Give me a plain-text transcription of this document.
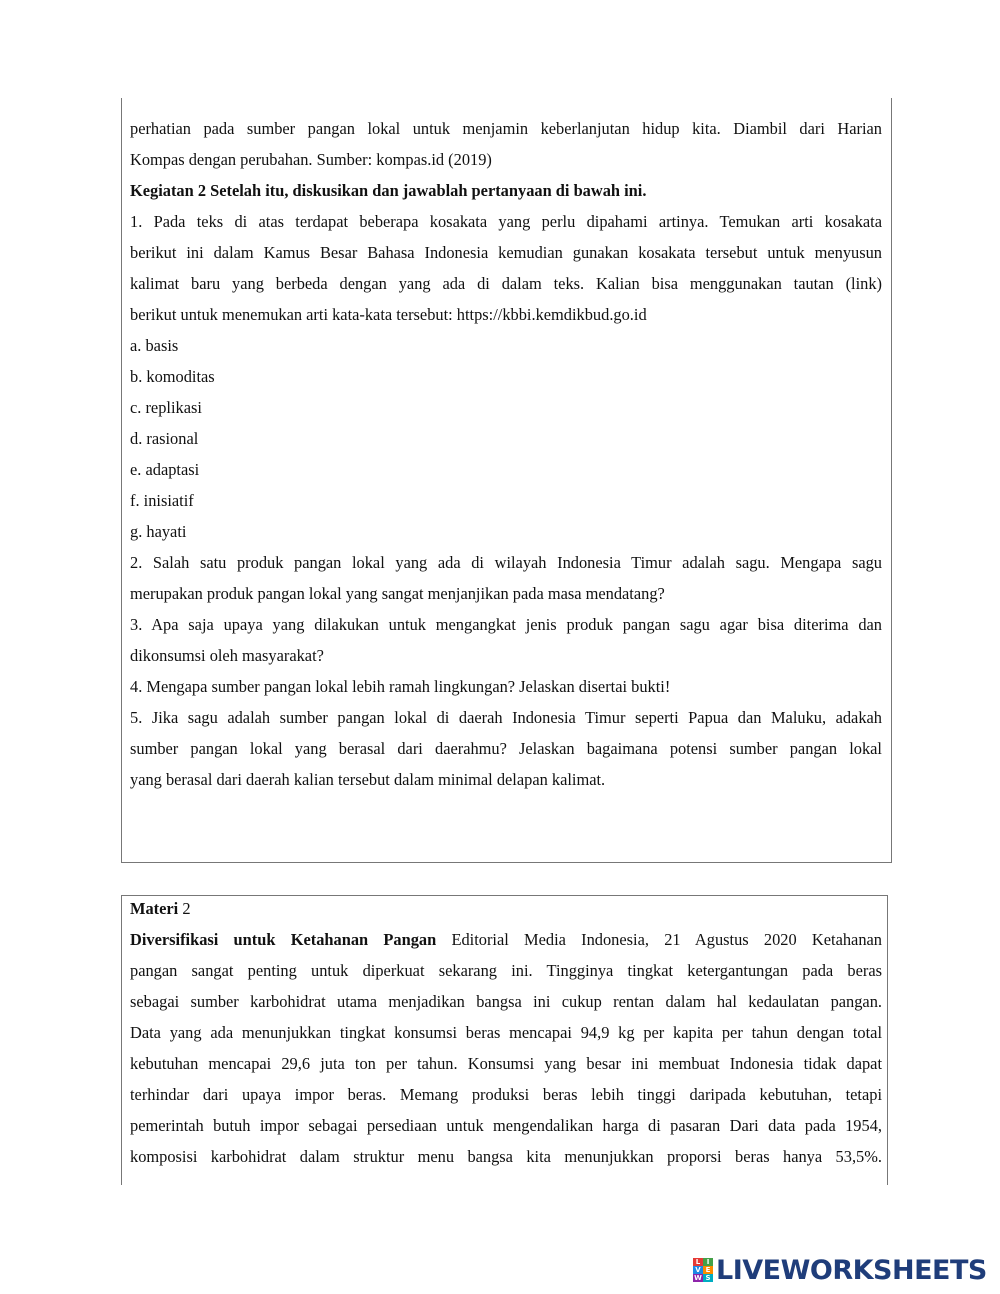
perhatian pada sumber pangan lokal untuk menjamin keberlanjutan hidup kita. Diambil dari Harian

Kompas dengan perubahan. Sumber: kompas.id (2019)

Kegiatan 2 Setelah itu, diskusikan dan jawablah pertanyaan di bawah ini.

1. Pada teks di atas terdapat beberapa kosakata yang perlu dipahami artinya. Temukan arti kosakata

berikut ini dalam Kamus Besar Bahasa Indonesia kemudian gunakan kosakata tersebut untuk menyusun

kalimat baru yang berbeda dengan yang ada di dalam teks. Kalian bisa menggunakan tautan (link)

berikut untuk menemukan arti kata-kata tersebut: https://kbbi.kemdikbud.go.id

a. basis

b. komoditas

c. replikasi

d. rasional

e. adaptasi

f. inisiatif

g. hayati

2. Salah satu produk pangan lokal yang ada di wilayah Indonesia Timur adalah sagu. Mengapa sagu

merupakan produk pangan lokal yang sangat menjanjikan pada masa mendatang?

3. Apa saja upaya yang dilakukan untuk mengangkat jenis produk pangan sagu agar bisa diterima dan

dikonsumsi oleh masyarakat?

4. Mengapa sumber pangan lokal lebih ramah lingkungan? Jelaskan disertai bukti!

5. Jika sagu adalah sumber pangan lokal di daerah Indonesia Timur seperti Papua dan Maluku, adakah

sumber pangan lokal yang berasal dari daerahmu? Jelaskan bagaimana potensi sumber pangan lokal

yang berasal dari daerah kalian tersebut dalam minimal delapan kalimat.

Materi 2

Diversifikasi untuk Ketahanan Pangan Editorial Media Indonesia, 21 Agustus 2020 Ketahanan

pangan sangat penting untuk diperkuat sekarang ini. Tingginya tingkat ketergantungan pada beras

sebagai sumber karbohidrat utama menjadikan bangsa ini cukup rentan dalam hal kedaulatan pangan.

Data yang ada menunjukkan tingkat konsumsi beras mencapai 94,9 kg per kapita per tahun dengan total

kebutuhan mencapai 29,6 juta ton per tahun. Konsumsi yang besar ini membuat Indonesia tidak dapat

terhindar dari upaya impor beras. Memang produksi beras lebih tinggi daripada kebutuhan, tetapi

pemerintah butuh impor sebagai persediaan untuk mengendalikan harga di pasaran Dari data pada 1954,

komposisi karbohidrat dalam struktur menu bangsa kita menunjukkan proporsi beras hanya 53,5%.

L I
V E
W S LIVEWORKSHEETS
